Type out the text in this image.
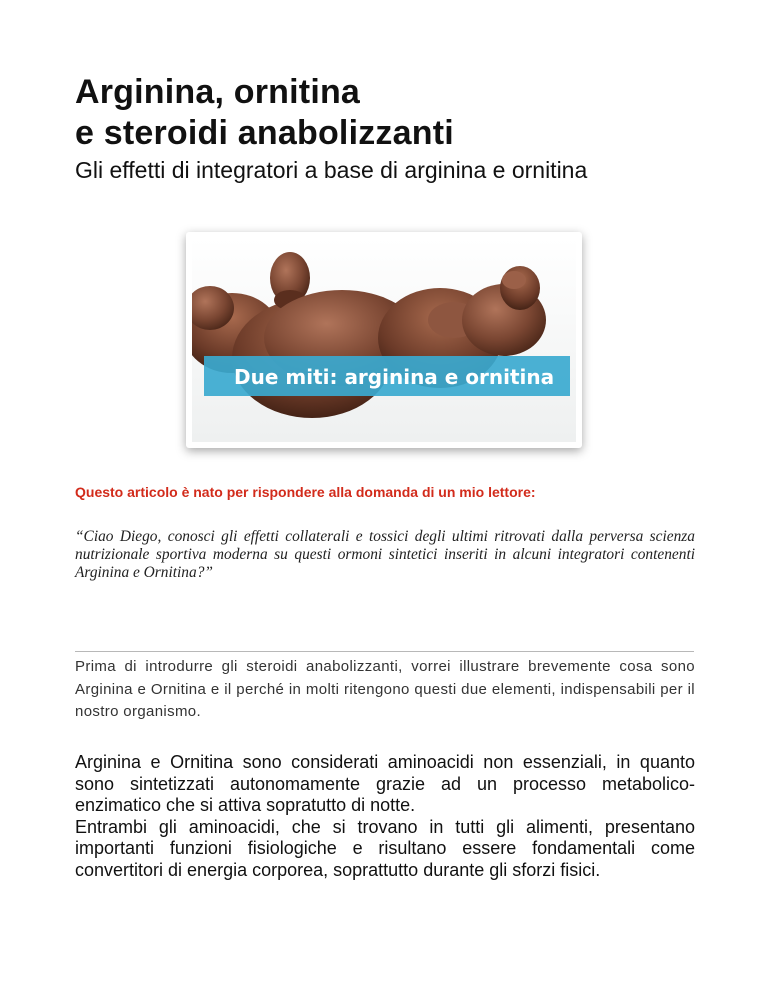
Arginina, ornitina
e steroidi anabolizzanti
Gli effetti di integratori a base di arginina e ornitina
Due miti: arginina e ornitina
Questo articolo è nato per rispondere alla domanda di un mio lettore:
“Ciao Diego, conosci gli effetti collaterali e tossici degli ultimi ritrovati dalla perversa scienza nutrizionale sportiva moderna su questi ormoni sintetici inseriti in alcuni integratori contenenti Arginina e Ornitina?”
Prima di introdurre gli steroidi anabolizzanti, vorrei illustrare brevemente cosa sono Arginina e Ornitina e il perché in molti ritengono questi due elementi, indispensabili per il nostro organismo.

Arginina e Ornitina sono considerati aminoacidi non essenziali, in quanto sono sintetizzati autonomamente grazie ad un processo metabolico-enzimatico che si attiva sopratutto di notte.

Entrambi gli aminoacidi, che si trovano in tutti gli alimenti, presentano importanti funzioni fisiologiche e risultano essere fondamentali come convertitori di energia corporea, soprattutto durante gli sforzi fisici.
